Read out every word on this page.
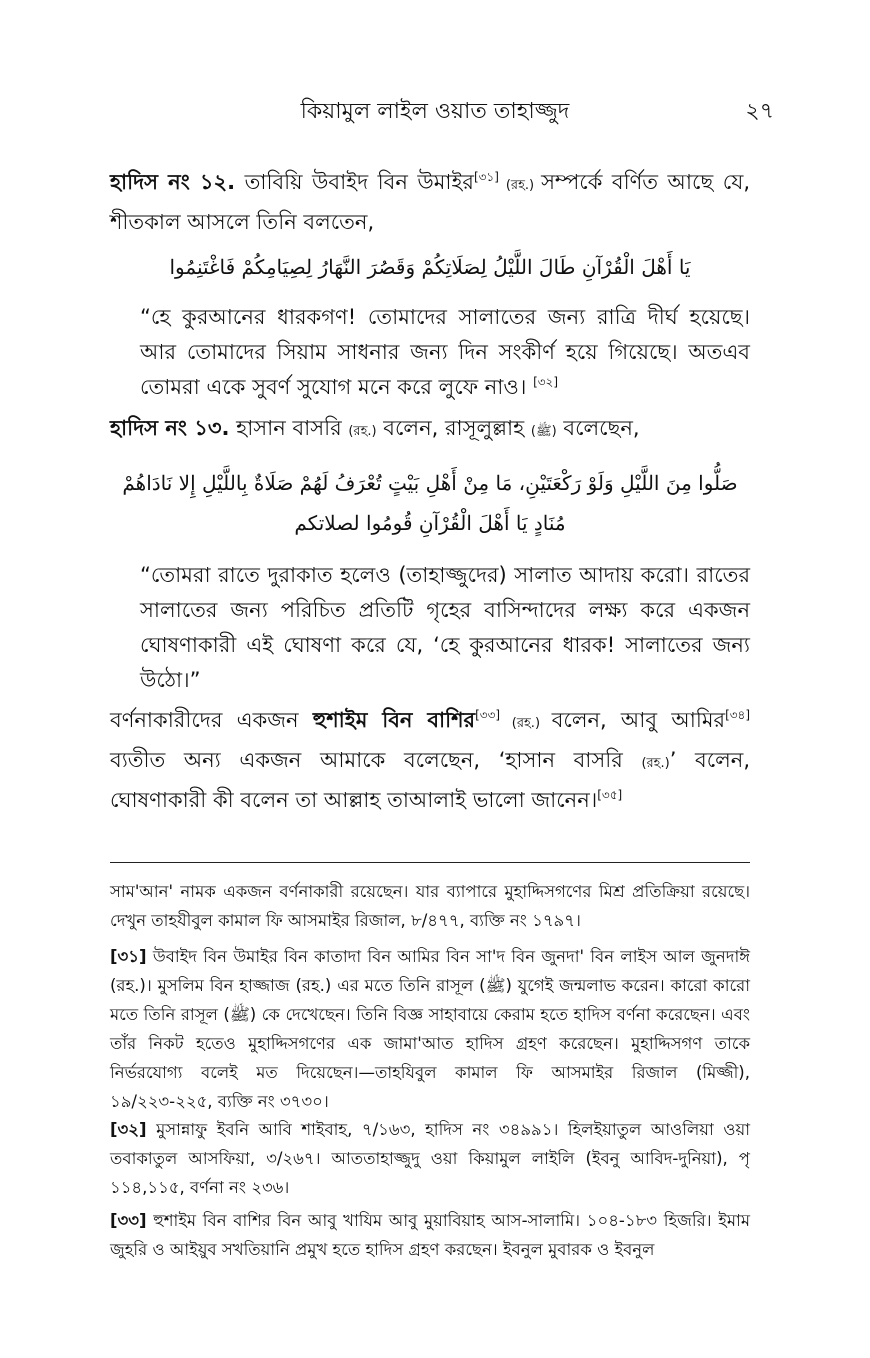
কিয়ামুল লাইল ওয়াত তাহাজ্জুদ	২৭
হাদিস নং ১২. তাবিয়ি উবাইদ বিন উমাইর[৩১] (রহ.) সম্পর্কে বর্ণিত আছে যে, শীতকাল আসলে তিনি বলতেন,
يَا أَهْلَ الْقُرْآنِ طَالَ اللَّيْلُ لِصَلَاتِكُمْ وَقَصُرَ النَّهَارُ لِصِيَامِكُمْ فَاغْتَنِمُوا
“হে কুরআনের ধারকগণ! তোমাদের সালাতের জন্য রাত্রি দীর্ঘ হয়েছে। আর তোমাদের সিয়াম সাধনার জন্য দিন সংকীর্ণ হয়ে গিয়েছে। অতএব তোমরা একে সুবর্ণ সুযোগ মনে করে লুফে নাও। [৩২]
হাদিস নং ১৩. হাসান বাসরি (রহ.) বলেন, রাসূলুল্লাহ (ﷺ) বলেছেন,
صَلُّوا مِنَ اللَّيْلِ وَلَوْ رَكْعَتَيْنِ، مَا مِنْ أَهْلِ بَيْتٍ تُعْرَفُ لَهُمْ صَلَاةٌ بِاللَّيْلِ إِلا نَادَاهُمْ
مُنَادٍ يَا أَهْلَ الْقُرْآنِ قُومُوا لصلاتكم
“তোমরা রাতে দুরাকাত হলেও (তাহাজ্জুদের) সালাত আদায় করো। রাতের সালাতের জন্য পরিচিত প্রতিটি গৃহের বাসিন্দাদের লক্ষ্য করে একজন ঘোষণাকারী এই ঘোষণা করে যে, ‘হে কুরআনের ধারক! সালাতের জন্য উঠো।”
বর্ণনাকারীদের একজন হুশাইম বিন বাশির[৩৩] (রহ.) বলেন, আবু আমির[৩৪] ব্যতীত অন্য একজন আমাকে বলেছেন, ‘হাসান বাসরি (রহ.)’ বলেন, ঘোষণাকারী কী বলেন তা আল্লাহ তাআলাই ভালো জানেন।[৩৫]
সাম'আন' নামক একজন বর্ণনাকারী রয়েছেন। যার ব্যাপারে মুহাদ্দিসগণের মিশ্র প্রতিক্রিয়া রয়েছে। দেখুন তাহযীবুল কামাল ফি আসমাইর রিজাল, ৮/৪৭৭, ব্যক্তি নং ১৭৯৭।
[৩১] উবাইদ বিন উমাইর বিন কাতাদা বিন আমির বিন সা'দ বিন জুনদা' বিন লাইস আল জুনদাঈ (রহ.)। মুসলিম বিন হাজ্জাজ (রহ.) এর মতে তিনি রাসূল (ﷺ) যুগেই জন্মলাভ করেন। কারো কারো মতে তিনি রাসূল (ﷺ) কে দেখেছেন। তিনি বিজ্ঞ সাহাবায়ে কেরাম হতে হাদিস বর্ণনা করেছেন। এবং তাঁর নিকট হতেও মুহাদ্দিসগণের এক জামা'আত হাদিস গ্রহণ করেছেন। মুহাদ্দিসগণ তাকে নির্ভরযোগ্য বলেই মত দিয়েছেন।—তাহযিবুল কামাল ফি আসমাইর রিজাল (মিজ্জী), ১৯/২২৩-২২৫, ব্যক্তি নং ৩৭৩০।
[৩২] মুসান্নাফু ইবনি আবি শাইবাহ, ৭/১৬৩, হাদিস নং ৩৪৯৯১। হিলইয়াতুল আওলিয়া ওয়া তবাকাতুল আসফিয়া, ৩/২৬৭। আততাহাজ্জুদু ওয়া কিয়ামুল লাইলি (ইবনু আবিদ-দুনিয়া), পৃ ১১৪,১১৫, বর্ণনা নং ২৩৬।
[৩৩] হুশাইম বিন বাশির বিন আবু খাযিম আবু মুয়াবিয়াহ আস-সালামি। ১০৪-১৮৩ হিজরি। ইমাম জুহরি ও আইয়ুব সখতিয়ানি প্রমুখ হতে হাদিস গ্রহণ করছেন। ইবনুল মুবারক ও ইবনুল
